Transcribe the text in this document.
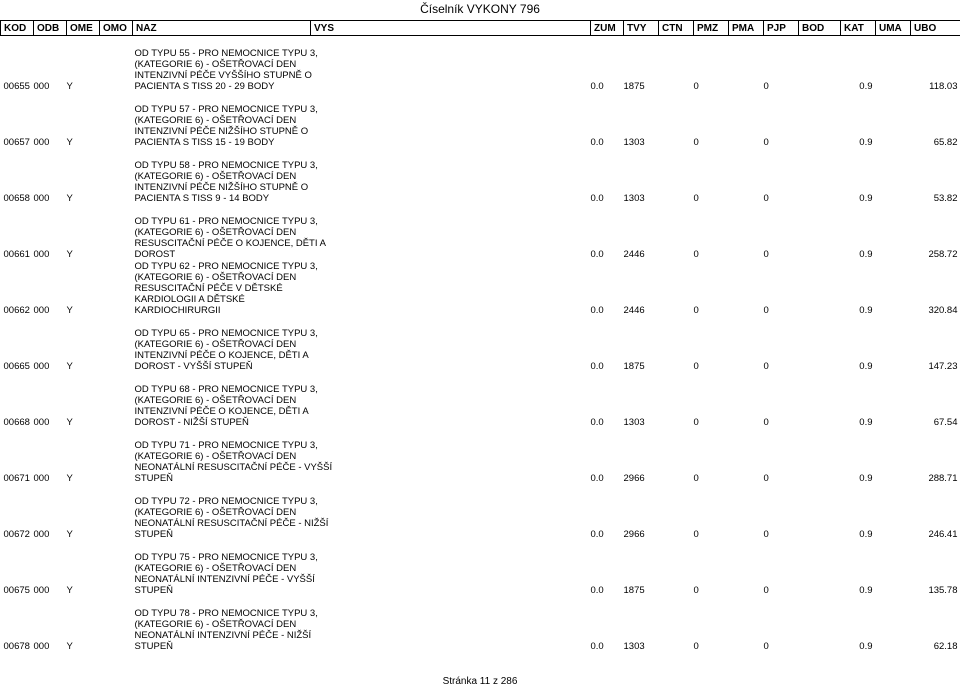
Číselník VYKONY 796
KOD	ODB	OME	OMO	NAZ	VYS	ZUM	TVY	CTN	PMZ	PMA	PJP	BOD	KAT	UMA	UBO
00655	000	Y		OD TYPU 55 - PRO NEMOCNICE TYPU 3,
(KATEGORIE 6) - OŠETŘOVACÍ DEN
INTENZIVNÍ PÉČE VYŠŠÍHO STUPNĚ O
PACIENTA S TISS 20 - 29 BODY		0.0	1875		0		0		0.9		118.03
00657	000	Y		OD TYPU 57 - PRO NEMOCNICE TYPU 3,
(KATEGORIE 6) - OŠETŘOVACÍ DEN
INTENZIVNÍ PÉČE NIŽŠÍHO STUPNĚ O
PACIENTA S TISS 15 - 19 BODY		0.0	1303		0		0		0.9		65.82
00658	000	Y		OD TYPU 58 - PRO NEMOCNICE TYPU 3,
(KATEGORIE 6) - OŠETŘOVACÍ DEN
INTENZIVNÍ PÉČE NIŽŠÍHO STUPNĚ O
PACIENTA S TISS 9 - 14 BODY		0.0	1303		0		0		0.9		53.82
00661	000	Y		OD TYPU 61 - PRO NEMOCNICE TYPU 3,
(KATEGORIE 6) - OŠETŘOVACÍ DEN
RESUSCITAČNÍ PÉČE O KOJENCE, DĚTI A
DOROST		0.0	2446		0		0		0.9		258.72
00662	000	Y		OD TYPU 62 - PRO NEMOCNICE TYPU 3,
(KATEGORIE 6) - OŠETŘOVACÍ DEN
RESUSCITAČNÍ PÉČE V DĚTSKÉ
KARDIOLOGII A DĚTSKÉ
KARDIOCHIRURGII		0.0	2446		0		0		0.9		320.84
00665	000	Y		OD TYPU 65 - PRO NEMOCNICE TYPU 3,
(KATEGORIE 6) - OŠETŘOVACÍ DEN
INTENZIVNÍ PÉČE O KOJENCE, DĚTI A
DOROST - VYŠŠÍ STUPEŇ		0.0	1875		0		0		0.9		147.23
00668	000	Y		OD TYPU 68 - PRO NEMOCNICE TYPU 3,
(KATEGORIE 6) - OŠETŘOVACÍ DEN
INTENZIVNÍ PÉČE O KOJENCE, DĚTI A
DOROST - NIŽŠÍ STUPEŇ		0.0	1303		0		0		0.9		67.54
00671	000	Y		OD TYPU 71 - PRO NEMOCNICE TYPU 3,
(KATEGORIE 6) - OŠETŘOVACÍ DEN
NEONATÁLNÍ RESUSCITAČNÍ PÉČE - VYŠŠÍ
STUPEŇ		0.0	2966		0		0		0.9		288.71
00672	000	Y		OD TYPU 72 - PRO NEMOCNICE TYPU 3,
(KATEGORIE 6) - OŠETŘOVACÍ DEN
NEONATÁLNÍ RESUSCITAČNÍ PÉČE - NIŽŠÍ
STUPEŇ		0.0	2966		0		0		0.9		246.41
00675	000	Y		OD TYPU 75 - PRO NEMOCNICE TYPU 3,
(KATEGORIE 6) - OŠETŘOVACÍ DEN
NEONATÁLNÍ INTENZIVNÍ PÉČE - VYŠŠÍ
STUPEŇ		0.0	1875		0		0		0.9		135.78
00678	000	Y		OD TYPU 78 - PRO NEMOCNICE TYPU 3,
(KATEGORIE 6) - OŠETŘOVACÍ DEN
NEONATÁLNÍ INTENZIVNÍ PÉČE - NIŽŠÍ
STUPEŇ		0.0	1303		0		0		0.9		62.18
Stránka 11 z 286
